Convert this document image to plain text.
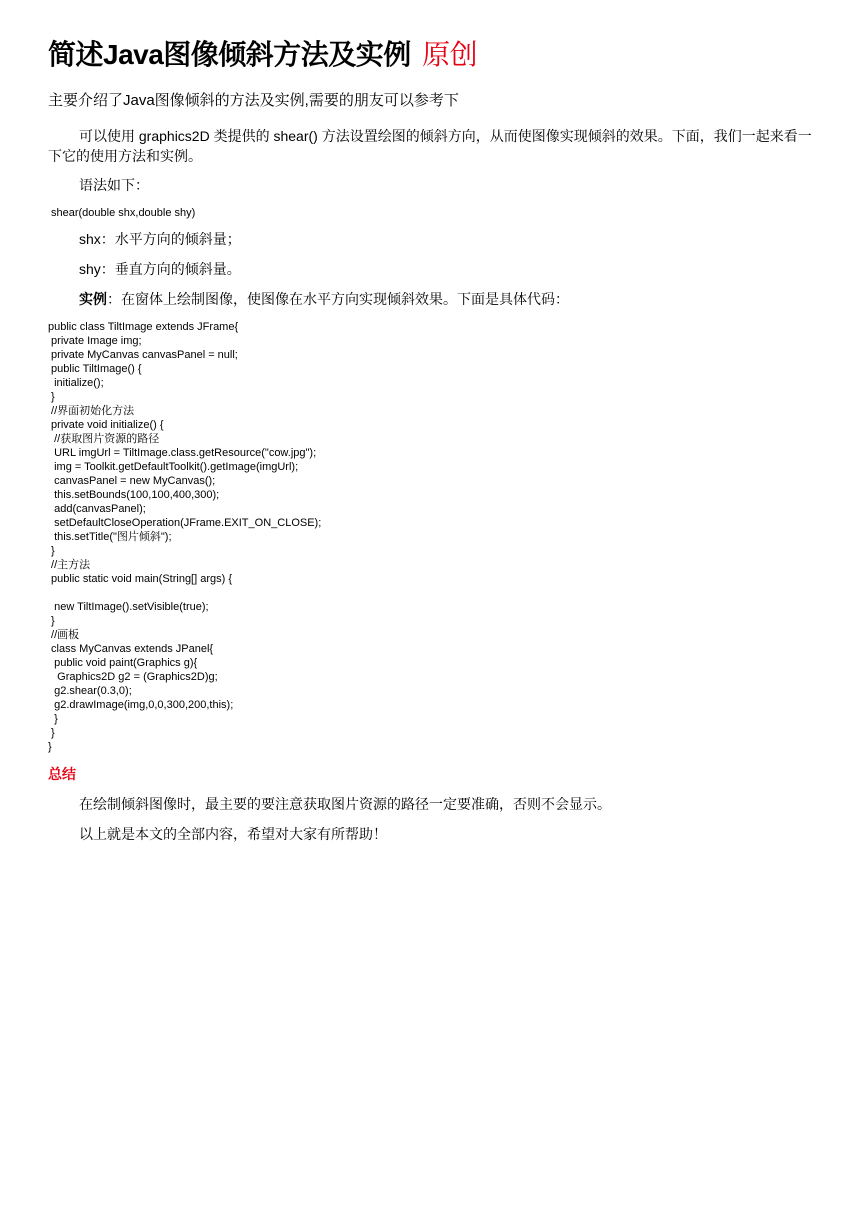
简述Java图像倾斜方法及实例 原创
主要介绍了Java图像倾斜的方法及实例,需要的朋友可以参考下

可以使用 graphics2D 类提供的 shear() 方法设置绘图的倾斜方向，从而使图像实现倾斜的效果。下面，我们一起来看一下它的使用方法和实例。

语法如下：

shear(double shx,double shy)

shx：水平方向的倾斜量；

shy：垂直方向的倾斜量。

实例：在窗体上绘制图像，使图像在水平方向实现倾斜效果。下面是具体代码：

public class TiltImage extends JFrame{
private Image img;
private MyCanvas canvasPanel = null;
public TiltImage() {
initialize();
}
//界面初始化方法
private void initialize() {
//获取图片资源的路径
URL imgUrl = TiltImage.class.getResource("cow.jpg");
img = Toolkit.getDefaultToolkit().getImage(imgUrl);
canvasPanel = new MyCanvas();
this.setBounds(100,100,400,300);
add(canvasPanel);
setDefaultCloseOperation(JFrame.EXIT_ON_CLOSE);
this.setTitle("图片倾斜");
}
//主方法
public static void main(String[] args) {

new TiltImage().setVisible(true);
}
//画板
class MyCanvas extends JPanel{
public void paint(Graphics g){
Graphics2D g2 = (Graphics2D)g;
g2.shear(0.3,0);
g2.drawImage(img,0,0,300,200,this);
}
}
}
总结

在绘制倾斜图像时，最主要的要注意获取图片资源的路径一定要准确，否则不会显示。

以上就是本文的全部内容，希望对大家有所帮助！
